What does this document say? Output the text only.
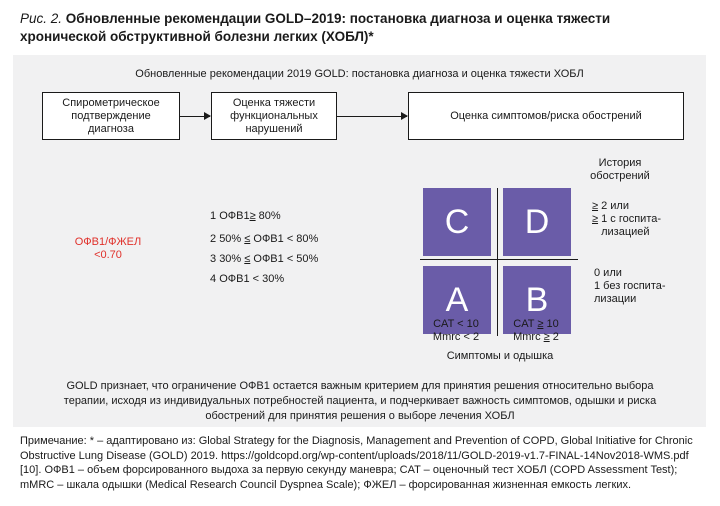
Рис. 2. Обновленные рекомендации GOLD–2019: постановка диагноза и оценка тяжести хронической обструктивной болезни легких (ХОБЛ)*
Обновленные рекомендации 2019 GOLD: постановка диагноза и оценка тяжести ХОБЛ
Спирометрическое
подтверждение
диагноза
Оценка тяжести
функциональных
нарушений
Оценка симптомов/риска обострений
ОФВ1/ФЖЕЛ
<0.70
1 ОФВ1≥ 80%
2 50% ≤ ОФВ1 < 80%
3 30% ≤ ОФВ1 < 50%
4 ОФВ1 < 30%
C	D
A	B
История
обострений
≥ 2 или
≥
1 с госпита-
лизацией
0 или
1 без госпита-
лизации
CAT < 10
Mmrc < 2
CAT ≥ 10
Mmrc ≥ 2
Симптомы и одышка
GOLD признает, что ограничение ОФВ1 остается важным критерием для принятия решения относительно выбора терапии, исходя из индивидуальных потребностей пациента, и подчеркивает важность симптомов, одышки и риска обострений для принятия решения о выборе лечения ХОБЛ
Примечание: * – адаптировано из: Global Strategy for the Diagnosis, Management and Prevention of COPD, Global Initiative for Chronic Obstructive Lung Disease (GOLD) 2019. https://goldcopd.org/wp-content/uploads/2018/11/GOLD-2019-v1.7-FINAL-14Nov2018-WMS.pdf [10]. ОФВ1 – объем форсированного выдоха за первую секунду маневра; CAT – оценочный тест ХОБЛ (COPD Assessment Test); mMRC – шкала одышки (Medical Research Council Dyspnea Scale); ФЖЕЛ – форсированная жизненная емкость легких.
